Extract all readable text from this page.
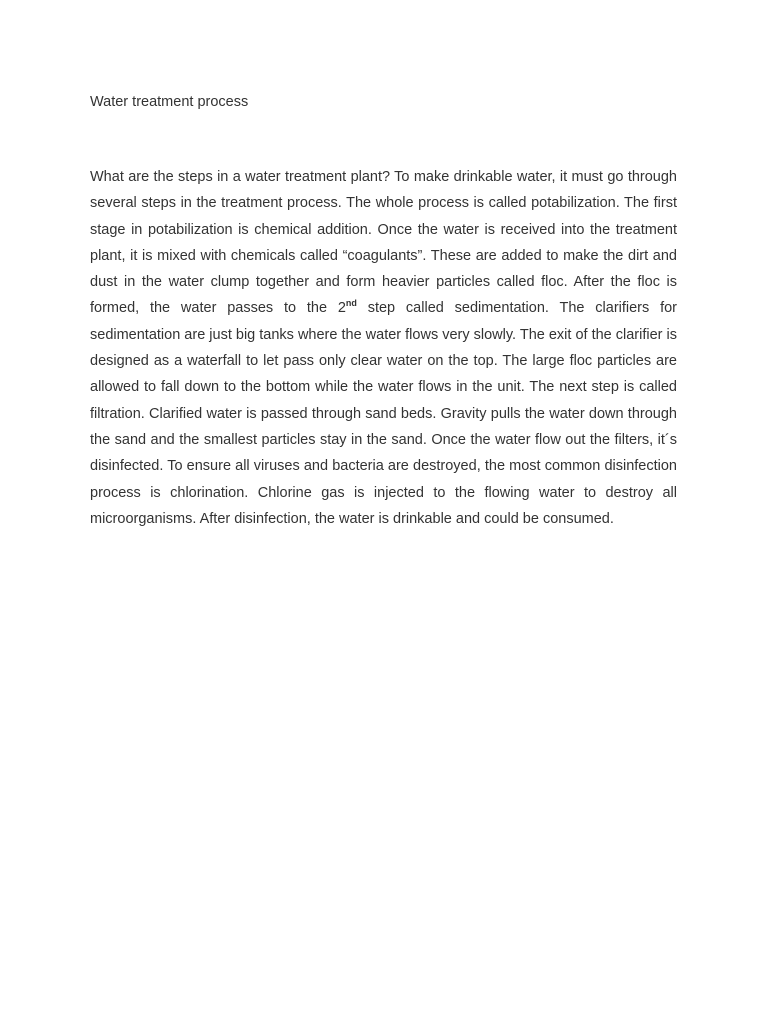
Water treatment process

What are the steps in a water treatment plant? To make drinkable water, it must go through several steps in the treatment process. The whole process is called potabilization. The first stage in potabilization is chemical addition. Once the water is received into the treatment plant, it is mixed with chemicals called “coagulants”. These are added to make the dirt and dust in the water clump together and form heavier particles called floc. After the floc is formed, the water passes to the 2nd step called sedimentation. The clarifiers for sedimentation are just big tanks where the water flows very slowly. The exit of the clarifier is designed as a waterfall to let pass only clear water on the top. The large floc particles are allowed to fall down to the bottom while the water flows in the unit. The next step is called filtration. Clarified water is passed through sand beds. Gravity pulls the water down through the sand and the smallest particles stay in the sand. Once the water flow out the filters, it´s disinfected. To ensure all viruses and bacteria are destroyed, the most common disinfection process is chlorination. Chlorine gas is injected to the flowing water to destroy all microorganisms. After disinfection, the water is drinkable and could be consumed.
